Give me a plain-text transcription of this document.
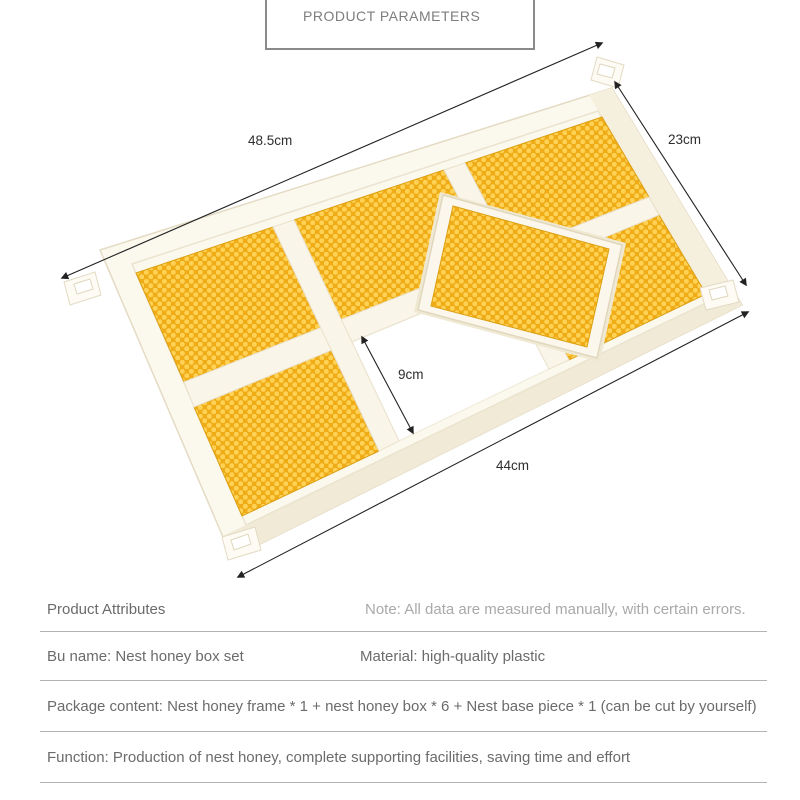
48.5cm	23cm
9cm
44cm
PRODUCT PARAMETERS
Product Attributes	Note: All data are measured manually, with certain errors.
Bu name: Nest honey box set	Material: high-quality plastic
Package content: Nest honey frame * 1 + nest honey box * 6 + Nest base piece * 1 (can be cut by yourself)
Function: Production of nest honey, complete supporting facilities, saving time and effort
